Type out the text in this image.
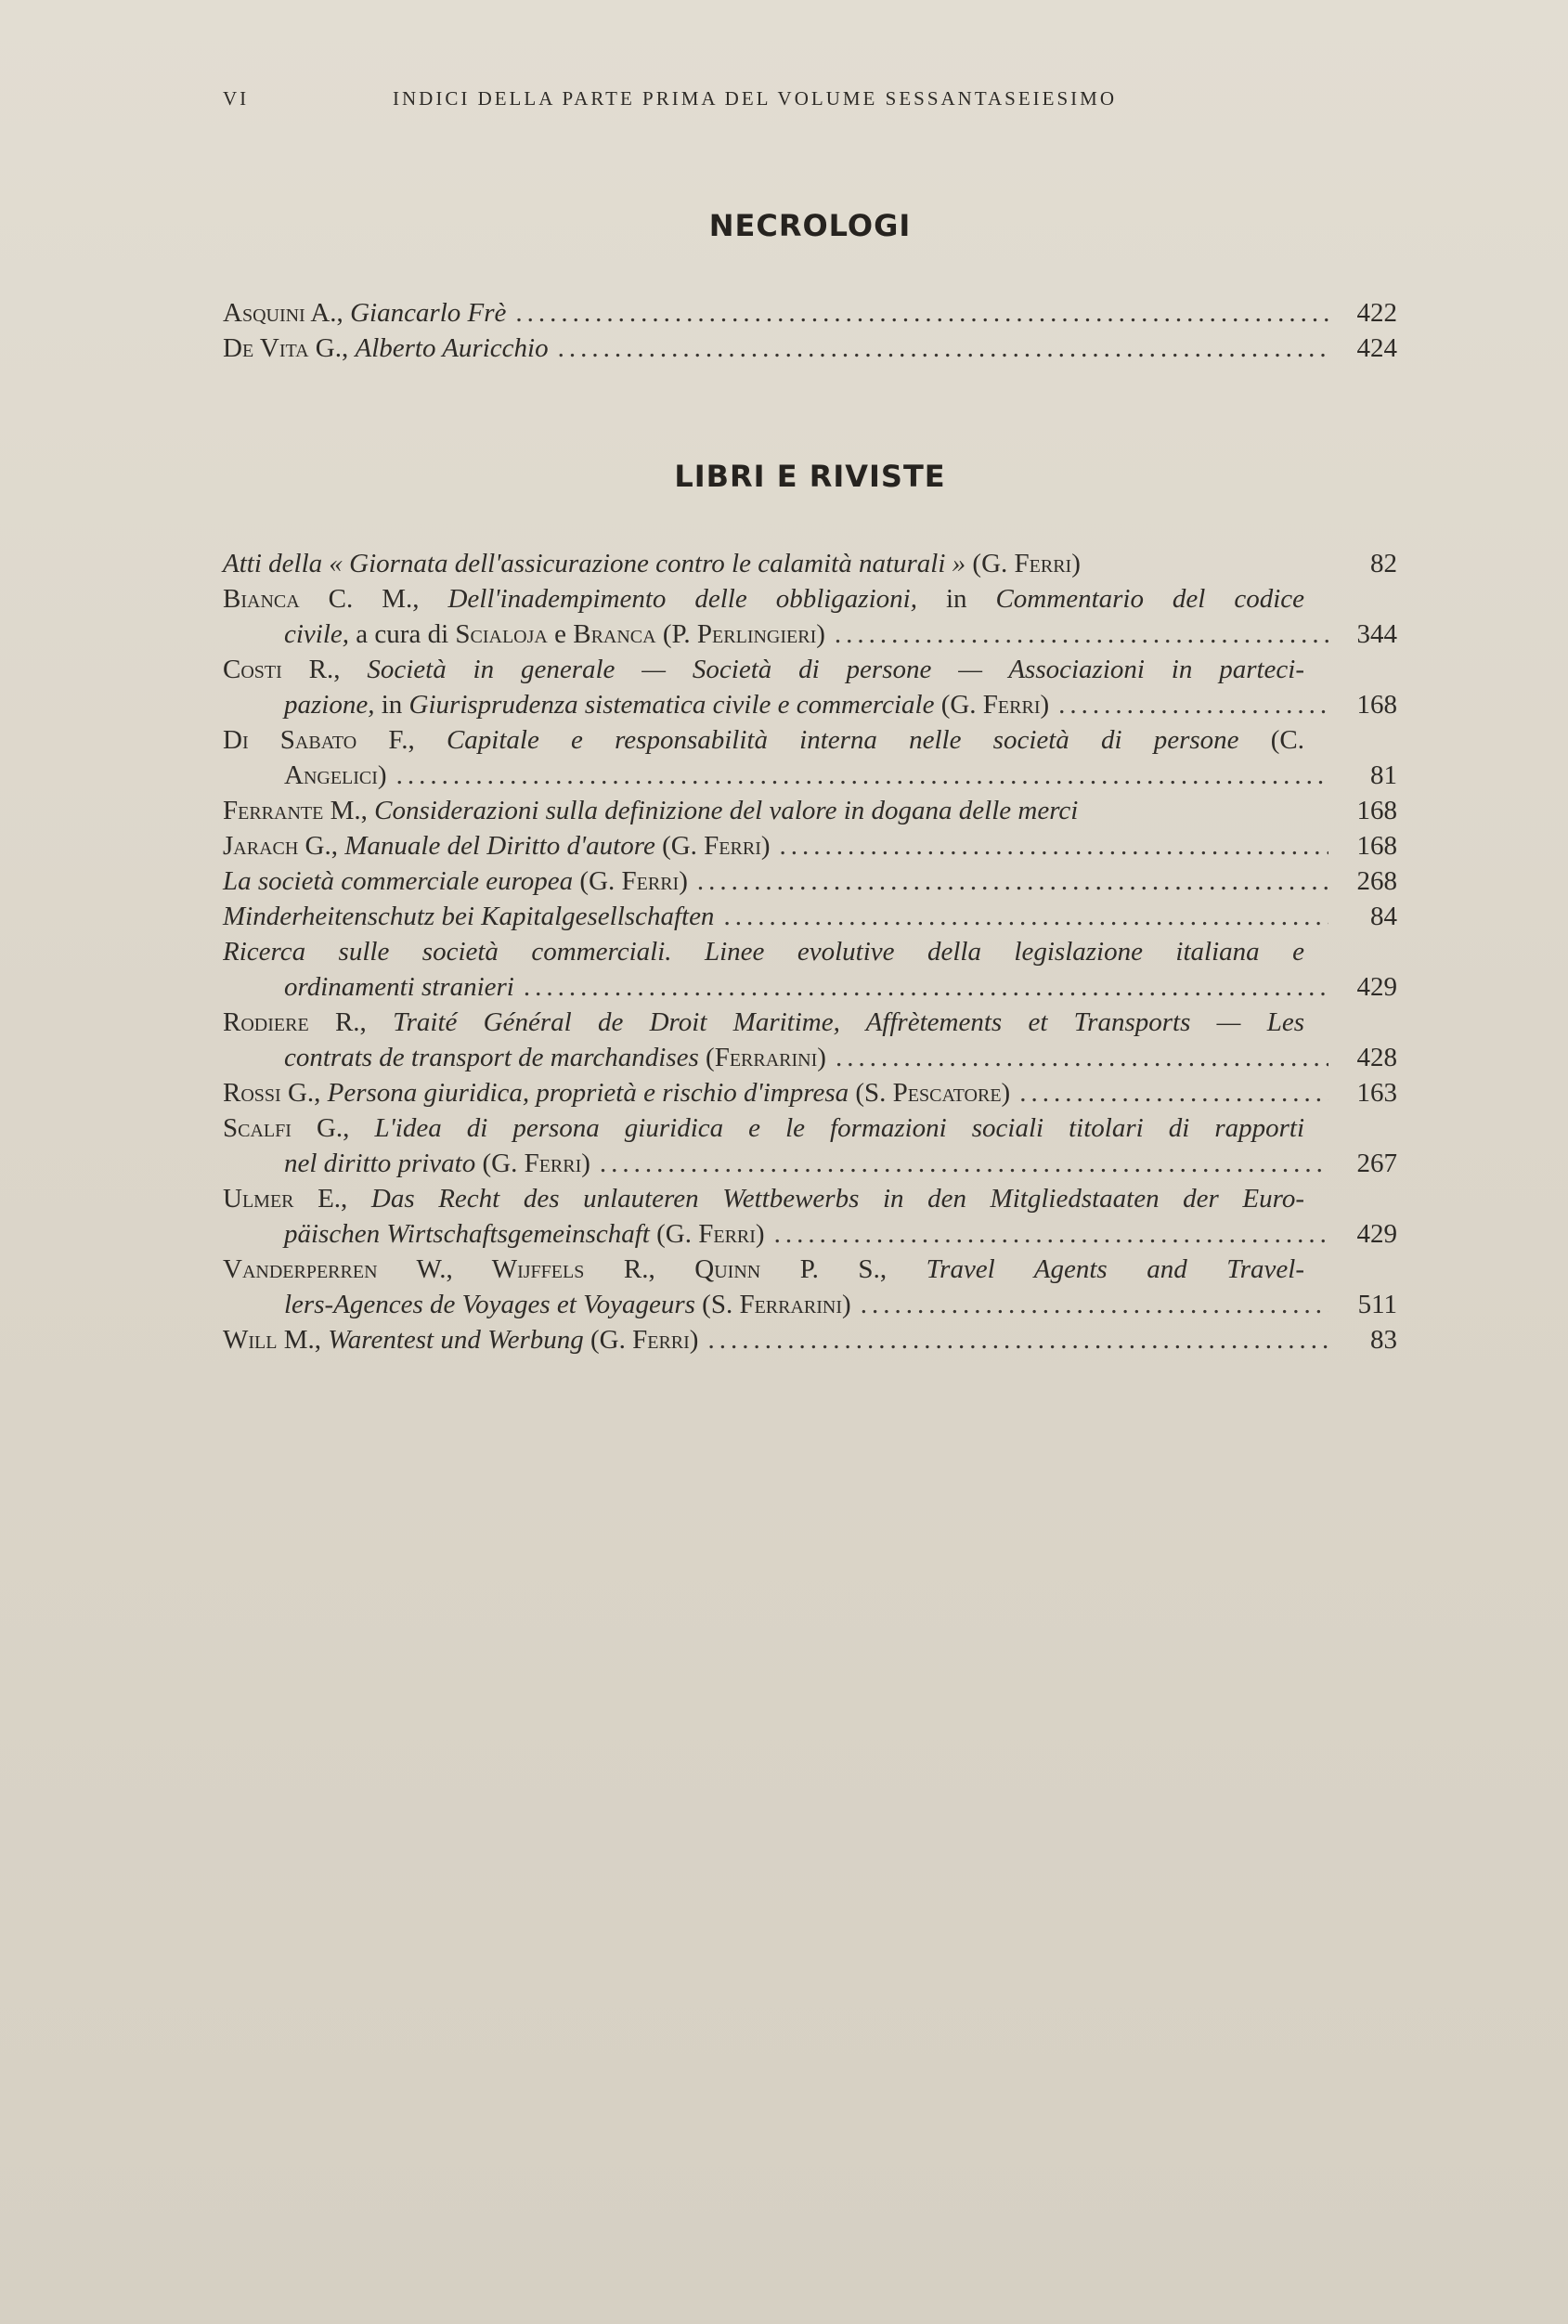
VI	INDICI DELLA PARTE PRIMA DEL VOLUME SESSANTASEIESIMO
NECROLOGI
Asquini A., Giancarlo Frè .....	422
De Vita G., Alberto Auricchio .....	424
LIBRI E RIVISTE
Atti della « Giornata dell'assicurazione contro le calamità naturali » (G. Ferri)	82
Bianca C. M., Dell'inadempimento delle obbligazioni, in Commentario del codice
civile, a cura di Scialoja e Branca (P. Perlingieri) .....	344
Costi R., Società in generale — Società di persone — Associazioni in parteci-
pazione, in Giurisprudenza sistematica civile e commerciale (G. Ferri) .....	168
Di Sabato F., Capitale e responsabilità interna nelle società di persone (C.
Angelici) .....	81
Ferrante M., Considerazioni sulla definizione del valore in dogana delle merci	168
Jarach G., Manuale del Diritto d'autore (G. Ferri) .....	168
La società commerciale europea (G. Ferri) .....	268
Minderheitenschutz bei Kapitalgesellschaften .....	84
Ricerca sulle società commerciali. Linee evolutive della legislazione italiana e
ordinamenti stranieri .....	429
Rodiere R., Traité Général de Droit Maritime, Affrètements et Transports — Les
contrats de transport de marchandises (Ferrarini) .....	428
Rossi G., Persona giuridica, proprietà e rischio d'impresa (S. Pescatore) .....	163
Scalfi G., L'idea di persona giuridica e le formazioni sociali titolari di rapporti
nel diritto privato (G. Ferri) .....	267
Ulmer E., Das Recht des unlauteren Wettbewerbs in den Mitgliedstaaten der Euro-
päischen Wirtschaftsgemeinschaft (G. Ferri) .....	429
Vanderperren W., Wijffels R., Quinn P. S., Travel Agents and Travel-
lers-Agences de Voyages et Voyageurs (S. Ferrarini) .....	511
Will M., Warentest und Werbung (G. Ferri) .....	83
